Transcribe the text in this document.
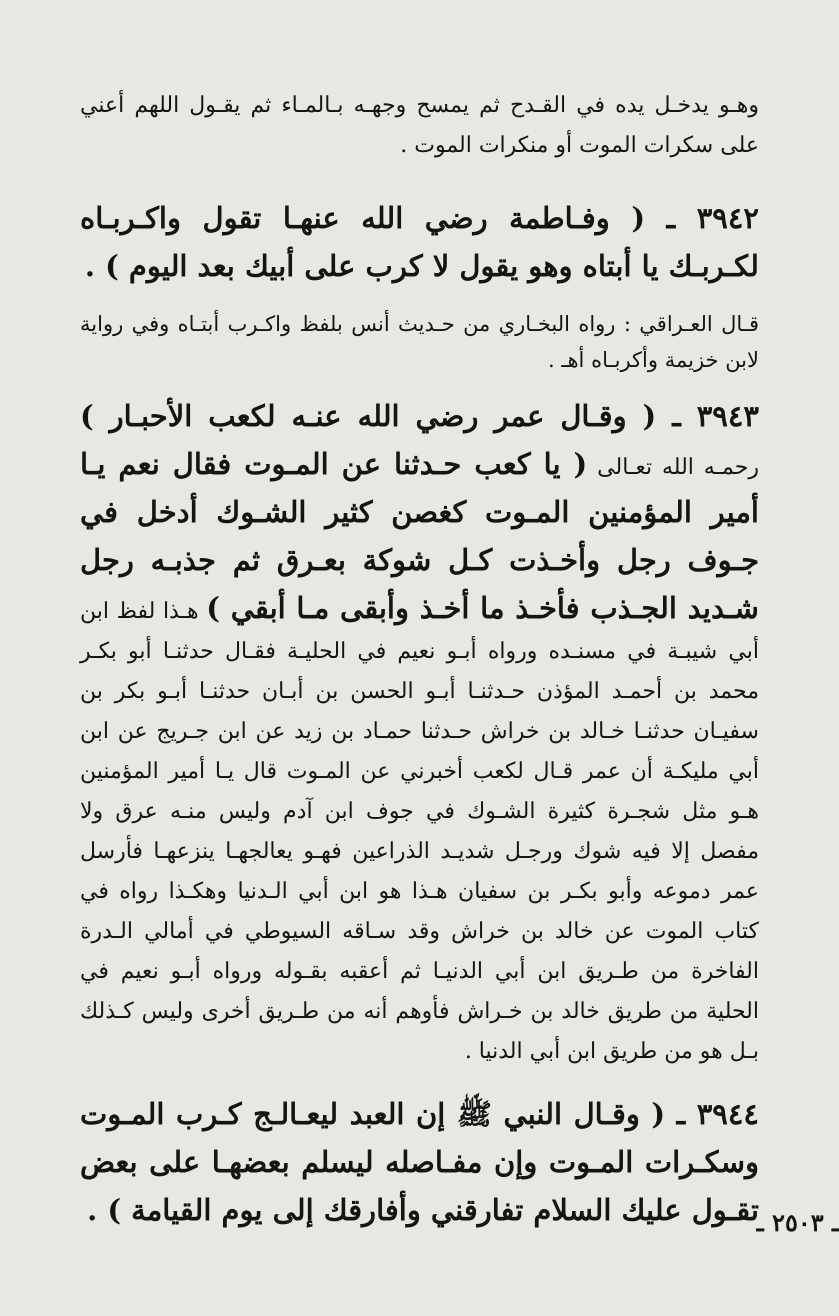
وهـو يدخـل يده في القـدح ثم يمسح وجهـه بـالمـاء ثم يقـول اللهم أعني على سكرات الموت أو منكرات الموت .

٣٩٤٢ ـ ( وفـاطمة رضي الله عنهـا تقول واكـربـاه لكـربـك يا أبتاه وهو يقول لا كرب على أبيك بعد اليوم ) .

قـال العـراقي : رواه البخـاري من حـديث أنس بلفظ واكـرب أبتـاه وفي رواية لابن خزيمة وأكربـاه أهـ .

٣٩٤٣ ـ ( وقـال عمر رضي الله عنـه لكعب الأحبـار ) رحمـه الله تعـالى ( يا كعب حـدثنا عن المـوت فقال نعم يـا أمير المؤمنين المـوت كغصن كثير الشـوك أدخل في جـوف رجل وأخـذت كـل شوكة بعـرق ثم جذبـه رجل شـديد الجـذب فأخـذ ما أخـذ وأبقى مـا أبقي ) هـذا لفظ ابن أبي شيبـة في مسنـده ورواه أبـو نعيم في الحليـة فقـال حدثنـا أبو بكـر محمد بن أحمـد المؤذن حـدثنـا أبـو الحسن بن أبـان حدثنـا أبـو بكر بن سفيـان حدثنـا خـالد بن خراش حـدثنا حمـاد بن زيد عن ابن جـريج عن ابن أبي مليكـة أن عمر قـال لكعب أخبرني عن المـوت قال يـا أمير المؤمنين هـو مثل شجـرة كثيرة الشـوك في جوف ابن آدم وليس منـه عرق ولا مفصل إلا فيه شوك ورجـل شديـد الذراعين فهـو يعالجهـا ينزعهـا فأرسل عمر دموعه وأبو بكـر بن سفيان هـذا هو ابن أبي الـدنيا وهكـذا رواه في كتاب الموت عن خالد بن خراش وقد سـاقه السيوطي في أمالي الـدرة الفاخرة من طـريق ابن أبي الدنيـا ثم أعقبه بقـوله ورواه أبـو نعيم في الحلية من طريق خالد بن خـراش فأوهم أنه من طـريق أخرى وليس كـذلك بـل هو من طريق ابن أبي الدنيا .

٣٩٤٤ ـ ( وقـال النبي ﷺ إن العبد ليعـالـج كـرب المـوت وسكـرات المـوت وإن مفـاصله ليسلم بعضهـا على بعض تقـول عليك السلام تفارقني وأفارقك إلى يوم القيامة ) .

ـ ٢٥٠٣ ـ
